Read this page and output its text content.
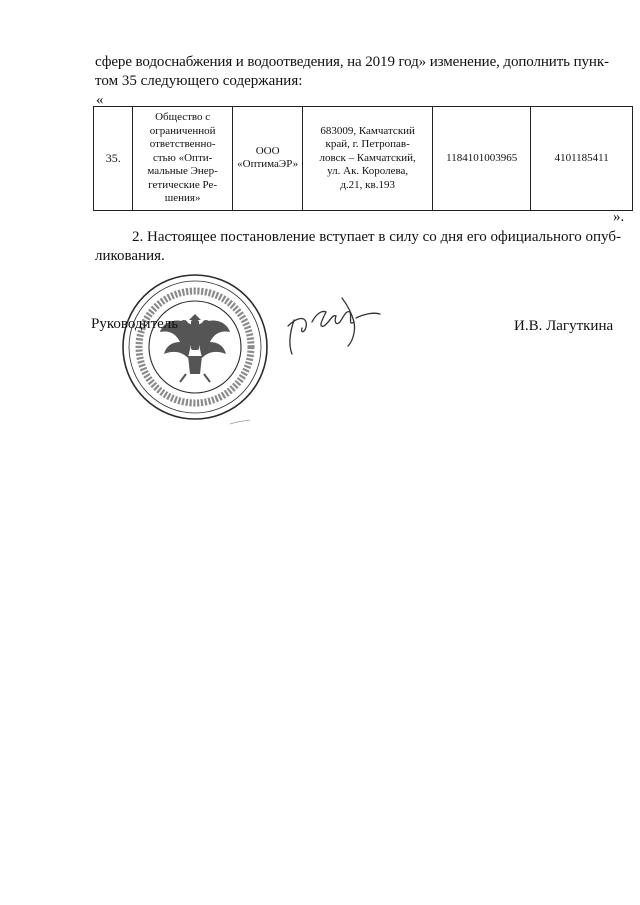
сфере водоснабжения и водоотведения, на 2019 год» изменение, дополнить пунк-
том 35 следующего содержания:
«
35.	Общество с
ограниченной
ответственно-
стью «Опти-
мальные Энер-
гетические Ре-
шения»	ООО
«ОптимаЭР»	683009, Камчатский
край, г. Петропав-
ловск – Камчатский,
ул. Ак. Королева,
д.21, кв.193	1184101003965	4101185411
».
2. Настоящее постановление вступает в силу со дня его официального опуб-
ликования.
Руководитель	И.В. Лагуткина
